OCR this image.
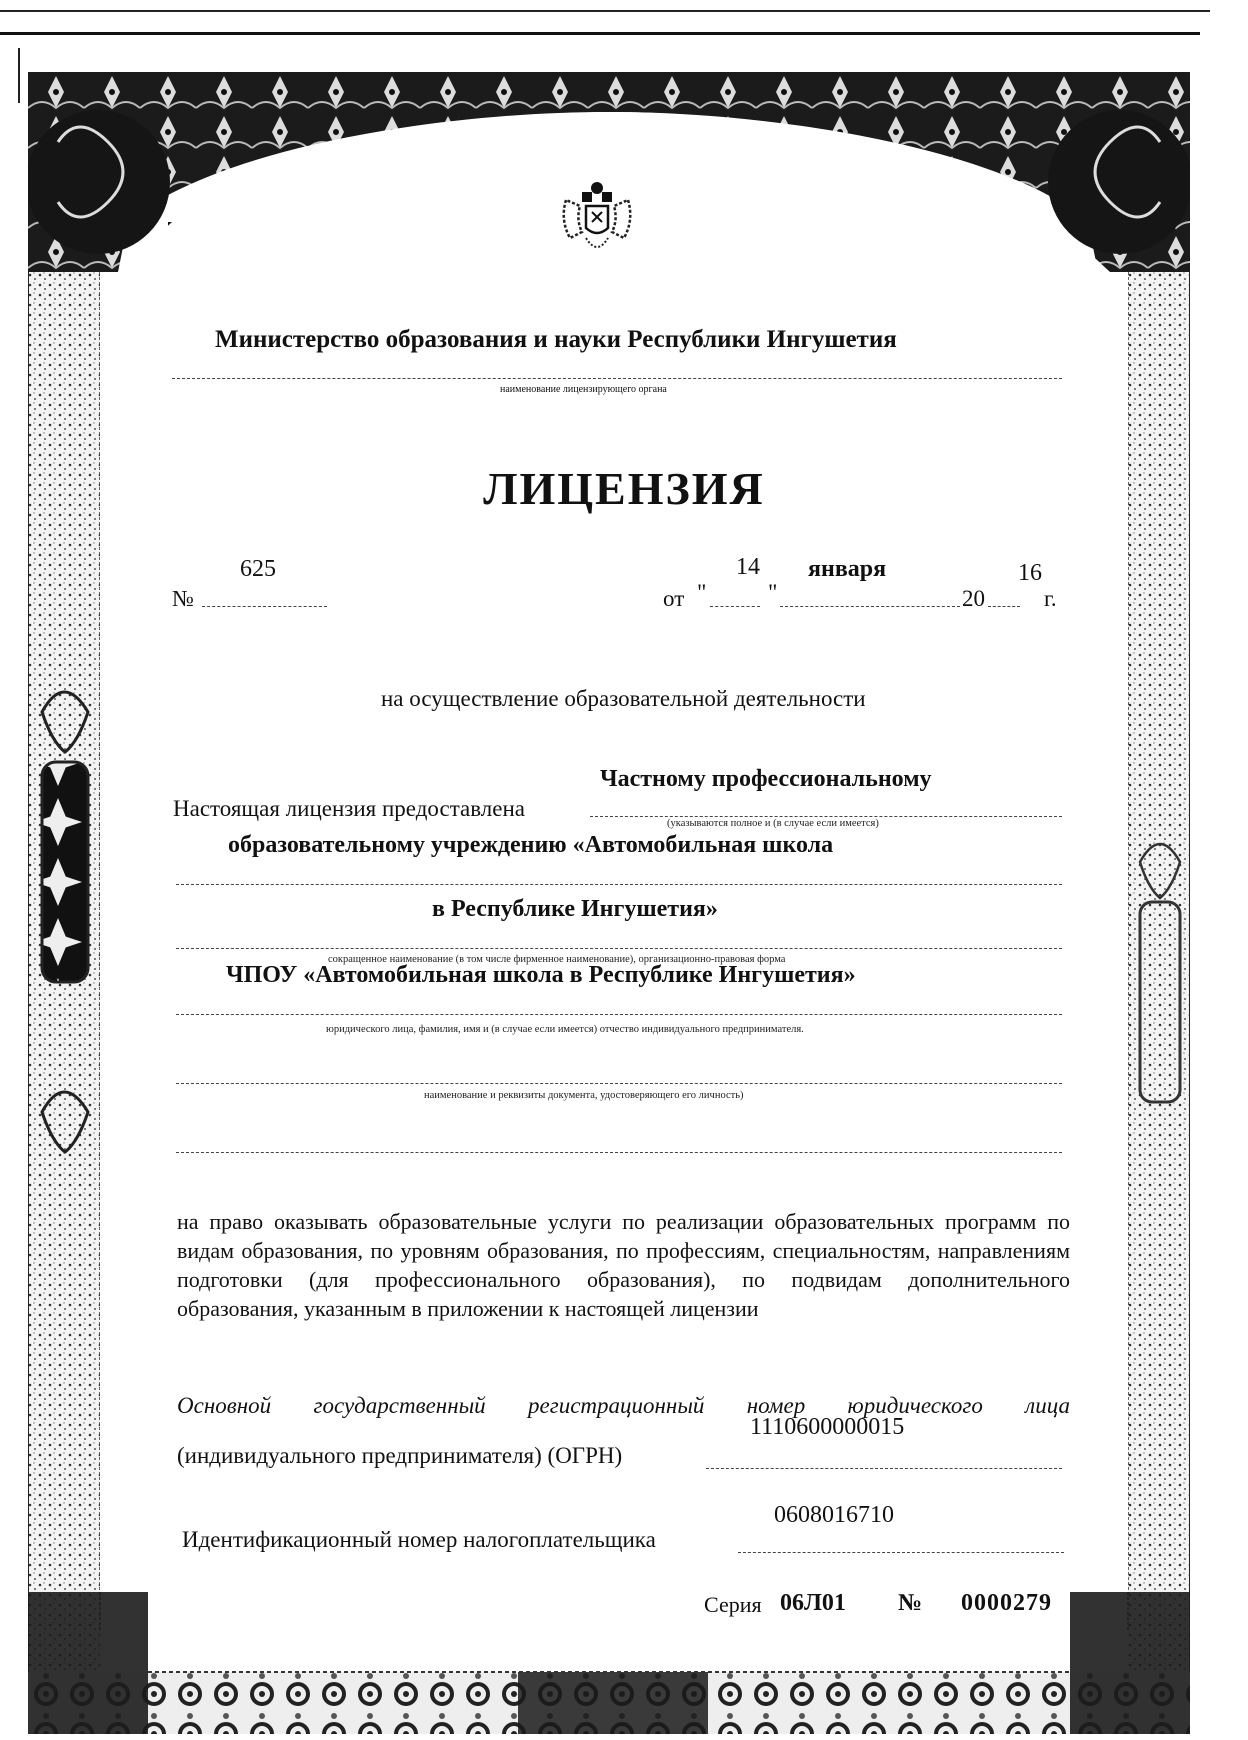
Министерство образования и науки Республики Ингушетия
наименование лицензирующего органа
ЛИЦЕНЗИЯ
№
625
от "
14
"
января
20
16
г.
на осуществление образовательной деятельности
Настоящая лицензия предоставлена
Частному профессиональному
(указываются полное и (в случае если имеется)
образовательному учреждению «Автомобильная школа
в Республике Ингушетия»
сокращенное наименование (в том числе фирменное наименование), организационно-правовая форма
ЧПОУ «Автомобильная школа в Республике Ингушетия»
юридического лица, фамилия, имя и (в случае если имеется) отчество индивидуального предпринимателя.
наименование и реквизиты документа, удостоверяющего его личность)
на право оказывать образовательные услуги по реализации образовательных программ по видам образования, по уровням образования, по профессиям, специальностям, направлениям подготовки (для профессионального образования), по подвидам дополнительного образования, указанным в приложении к настоящей лицензии
Основной государственный регистрационный номер юридического лица
(индивидуального предпринимателя) (ОГРН)
1110600000015
Идентификационный номер налогоплательщика
0608016710
Серия 06Л01 № 0000279
